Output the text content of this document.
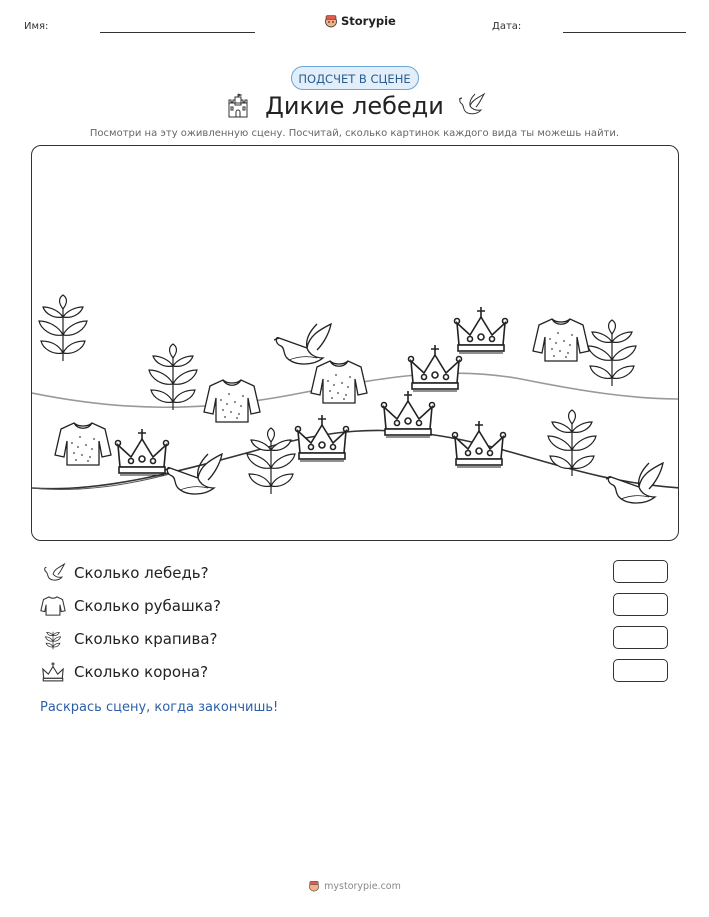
Имя:	Storypie	Дата:
ПОДСЧЕТ В СЦЕНЕ
Дикие лебеди
Посмотри на эту оживленную сцену. Посчитай, сколько картинок каждого вида ты можешь найти.
Сколько лебедь?
Сколько рубашка?
Сколько крапива?
Сколько корона?
Раскрась сцену, когда закончишь!
mystorypie.com
